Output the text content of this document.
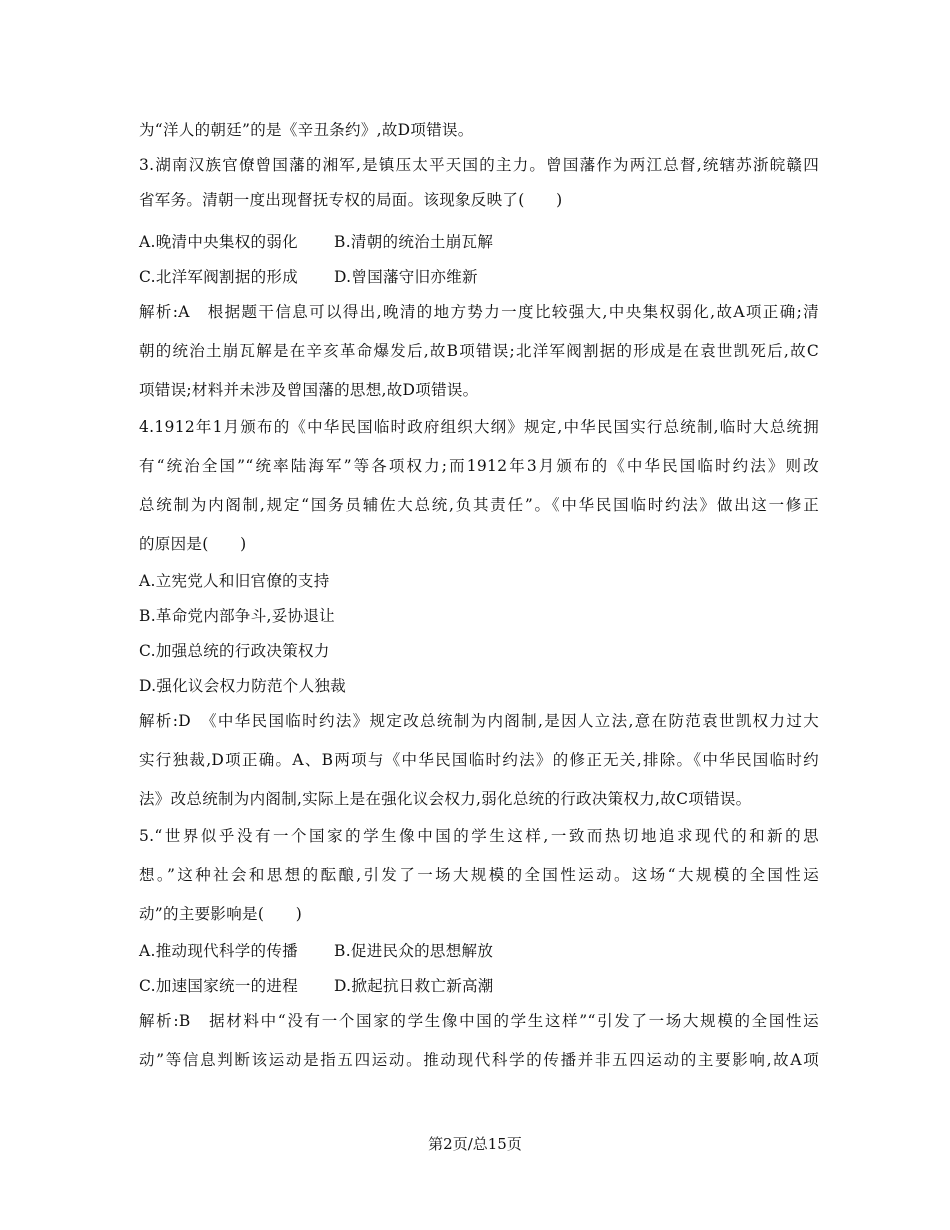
为“洋人的朝廷”的是《辛丑条约》,故D项错误。
3.湖南汉族官僚曾国藩的湘军,是镇压太平天国的主力。曾国藩作为两江总督,统辖苏浙皖赣四
省军务。清朝一度出现督抚专权的局面。该现象反映了(　　)
A.晚清中央集权的弱化 B.清朝的统治土崩瓦解
C.北洋军阀割据的形成 D.曾国藩守旧亦维新
解析:A　根据题干信息可以得出,晚清的地方势力一度比较强大,中央集权弱化,故A项正确;清
朝的统治土崩瓦解是在辛亥革命爆发后,故B项错误;北洋军阀割据的形成是在袁世凯死后,故C
项错误;材料并未涉及曾国藩的思想,故D项错误。
4.1912年1月颁布的《中华民国临时政府组织大纲》规定,中华民国实行总统制,临时大总统拥
有“统治全国”“统率陆海军”等各项权力;而1912年3月颁布的《中华民国临时约法》则改
总统制为内阁制,规定“国务员辅佐大总统,负其责任”。《中华民国临时约法》做出这一修正
的原因是(　　)
A.立宪党人和旧官僚的支持
B.革命党内部争斗,妥协退让
C.加强总统的行政决策权力
D.强化议会权力防范个人独裁
解析:D　《中华民国临时约法》规定改总统制为内阁制,是因人立法,意在防范袁世凯权力过大
实行独裁,D项正确。A、B两项与《中华民国临时约法》的修正无关,排除。《中华民国临时约
法》改总统制为内阁制,实际上是在强化议会权力,弱化总统的行政决策权力,故C项错误。
5.“世界似乎没有一个国家的学生像中国的学生这样,一致而热切地追求现代的和新的思
想。”这种社会和思想的酝酿,引发了一场大规模的全国性运动。这场“大规模的全国性运
动”的主要影响是(　　)
A.推动现代科学的传播 B.促进民众的思想解放
C.加速国家统一的进程 D.掀起抗日救亡新高潮
解析:B　据材料中“没有一个国家的学生像中国的学生这样”“引发了一场大规模的全国性运
动”等信息判断该运动是指五四运动。推动现代科学的传播并非五四运动的主要影响,故A项
第2页/总15页
